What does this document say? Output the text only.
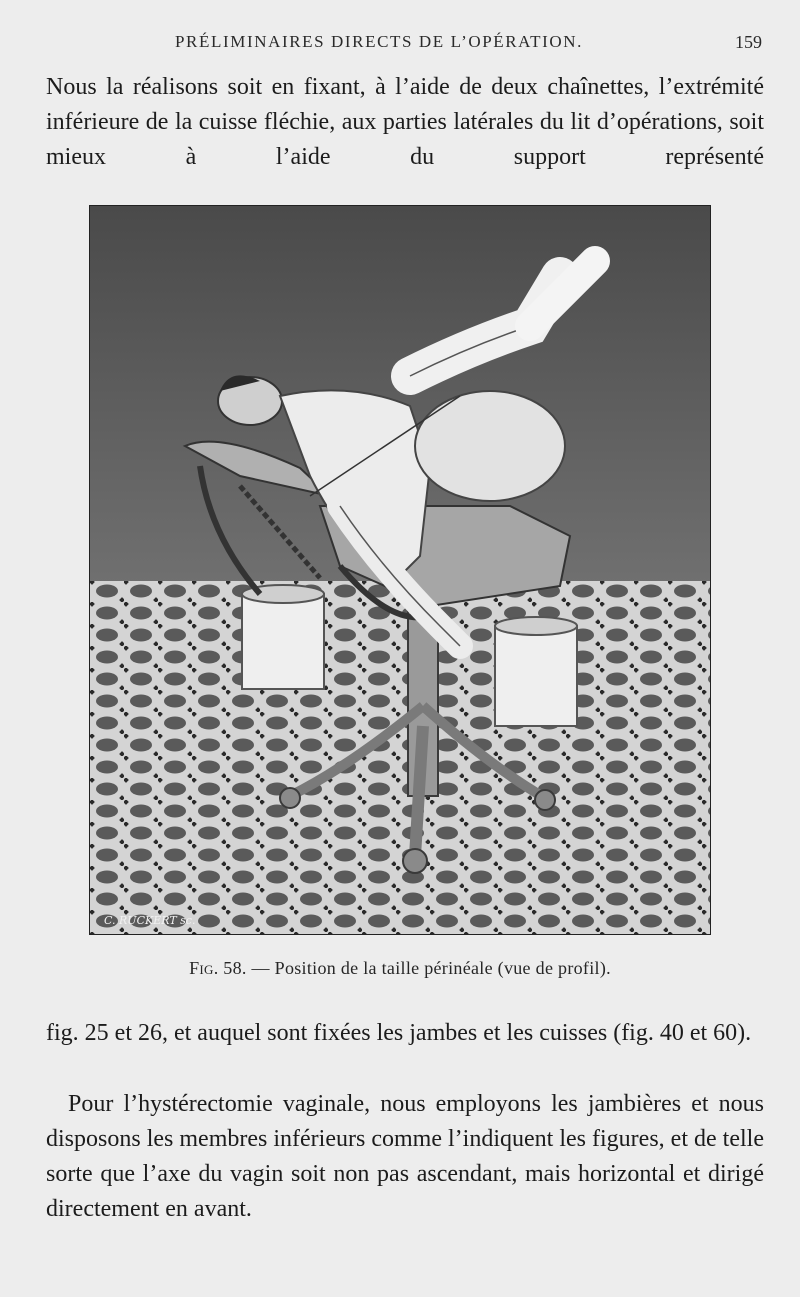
PRÉLIMINAIRES DIRECTS DE L’OPÉRATION.	159

Nous la réalisons soit en fixant, à l’aide de deux chaînettes, l’extrémité inférieure de la cuisse fléchie, aux parties latérales du lit d’opérations, soit mieux à l’aide du support représenté

C. RUCKERT sc.
Fig. 58. — Position de la taille périnéale (vue de profil).

fig. 25 et 26, et auquel sont fixées les jambes et les cuisses (fig. 40 et 60).

Pour l’hystérectomie vaginale, nous employons les jambières et nous disposons les membres inférieurs comme l’indiquent les figures, et de telle sorte que l’axe du vagin soit non pas ascendant, mais horizontal et dirigé directement en avant.
